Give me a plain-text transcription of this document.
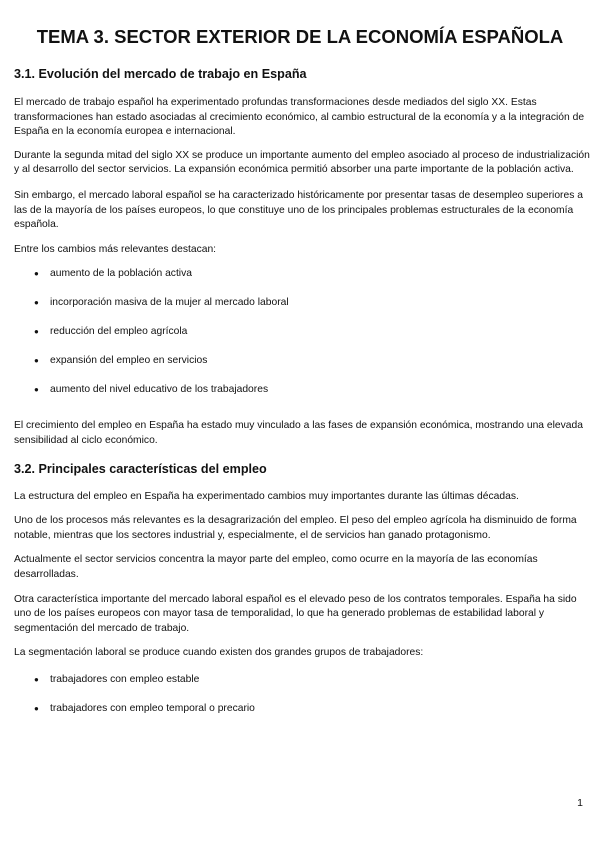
TEMA 3. SECTOR EXTERIOR DE LA ECONOMÍA ESPAÑOLA
3.1. Evolución del mercado de trabajo en España

El mercado de trabajo español ha experimentado profundas transformaciones desde mediados del siglo XX. Estas transformaciones han estado asociadas al crecimiento económico, al cambio estructural de la economía y a la integración de España en la economía europea e internacional.

Durante la segunda mitad del siglo XX se produce un importante aumento del empleo asociado al proceso de industrialización y al desarrollo del sector servicios. La expansión económica permitió absorber una parte importante de la población activa.

Sin embargo, el mercado laboral español se ha caracterizado históricamente por presentar tasas de desempleo superiores a las de la mayoría de los países europeos, lo que constituye uno de los principales problemas estructurales de la economía española.

Entre los cambios más relevantes destacan:

● aumento de la población activa
● incorporación masiva de la mujer al mercado laboral
● reducción del empleo agrícola
● expansión del empleo en servicios
● aumento del nivel educativo de los trabajadores

El crecimiento del empleo en España ha estado muy vinculado a las fases de expansión económica, mostrando una elevada sensibilidad al ciclo económico.

3.2. Principales características del empleo

La estructura del empleo en España ha experimentado cambios muy importantes durante las últimas décadas.

Uno de los procesos más relevantes es la desagrarización del empleo. El peso del empleo agrícola ha disminuido de forma notable, mientras que los sectores industrial y, especialmente, el de servicios han ganado protagonismo.

Actualmente el sector servicios concentra la mayor parte del empleo, como ocurre en la mayoría de las economías desarrolladas.

Otra característica importante del mercado laboral español es el elevado peso de los contratos temporales. España ha sido uno de los países europeos con mayor tasa de temporalidad, lo que ha generado problemas de estabilidad laboral y segmentación del mercado de trabajo.

La segmentación laboral se produce cuando existen dos grandes grupos de trabajadores:

● trabajadores con empleo estable
● trabajadores con empleo temporal o precario
1
